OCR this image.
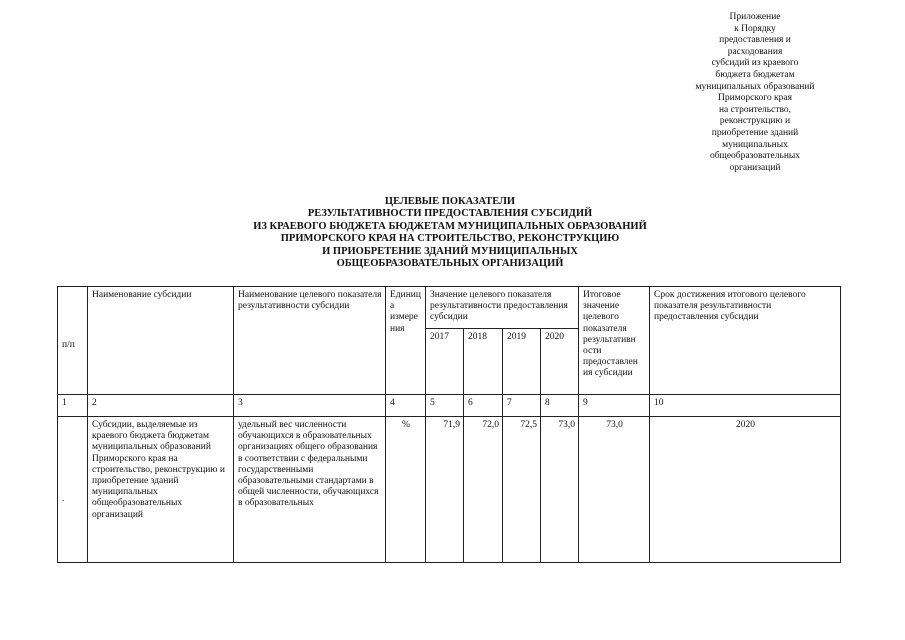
Приложение
к Порядку
предоставления и
расходования
субсидий из краевого
бюджета бюджетам
муниципальных образований
Приморского края
на строительство,
реконструкцию и
приобретение зданий
муниципальных
общеобразовательных
организаций
ЦЕЛЕВЫЕ ПОКАЗАТЕЛИ
РЕЗУЛЬТАТИВНОСТИ ПРЕДОСТАВЛЕНИЯ СУБСИДИЙ
ИЗ КРАЕВОГО БЮДЖЕТА БЮДЖЕТАМ МУНИЦИПАЛЬНЫХ ОБРАЗОВАНИЙ
ПРИМОРСКОГО КРАЯ НА СТРОИТЕЛЬСТВО, РЕКОНСТРУКЦИЮ
И ПРИОБРЕТЕНИЕ ЗДАНИЙ МУНИЦИПАЛЬНЫХ
ОБЩЕОБРАЗОВАТЕЛЬНЫХ ОРГАНИЗАЦИЙ
п/п	Наименование субсидии	Наименование целевого показателя результативности субсидии	Единиц а измере ния	Значение целевого показателя результативности предоставления субсидии				Итоговое значение целевого показателя результативн ости предоставлен ия субсидии	Срок достижения итогового целевого показателя результативности предоставления субсидии
				2017	2018	2019	2020		
1	2	3	4	5	6	7	8	9	10
.	Субсидии, выделяемые из краевого бюджета бюджетам муниципальных образований Приморского края на строительство, реконструкцию и приобретение зданий муниципальных общеобразовательных организаций	удельный вес численности обучающихся в образовательных организациях общего образования в соответствии с федеральными государственными образовательными стандартами в общей численности, обучающихся в образовательных	%	71,9	72,0	72,5	73,0	73,0	2020
